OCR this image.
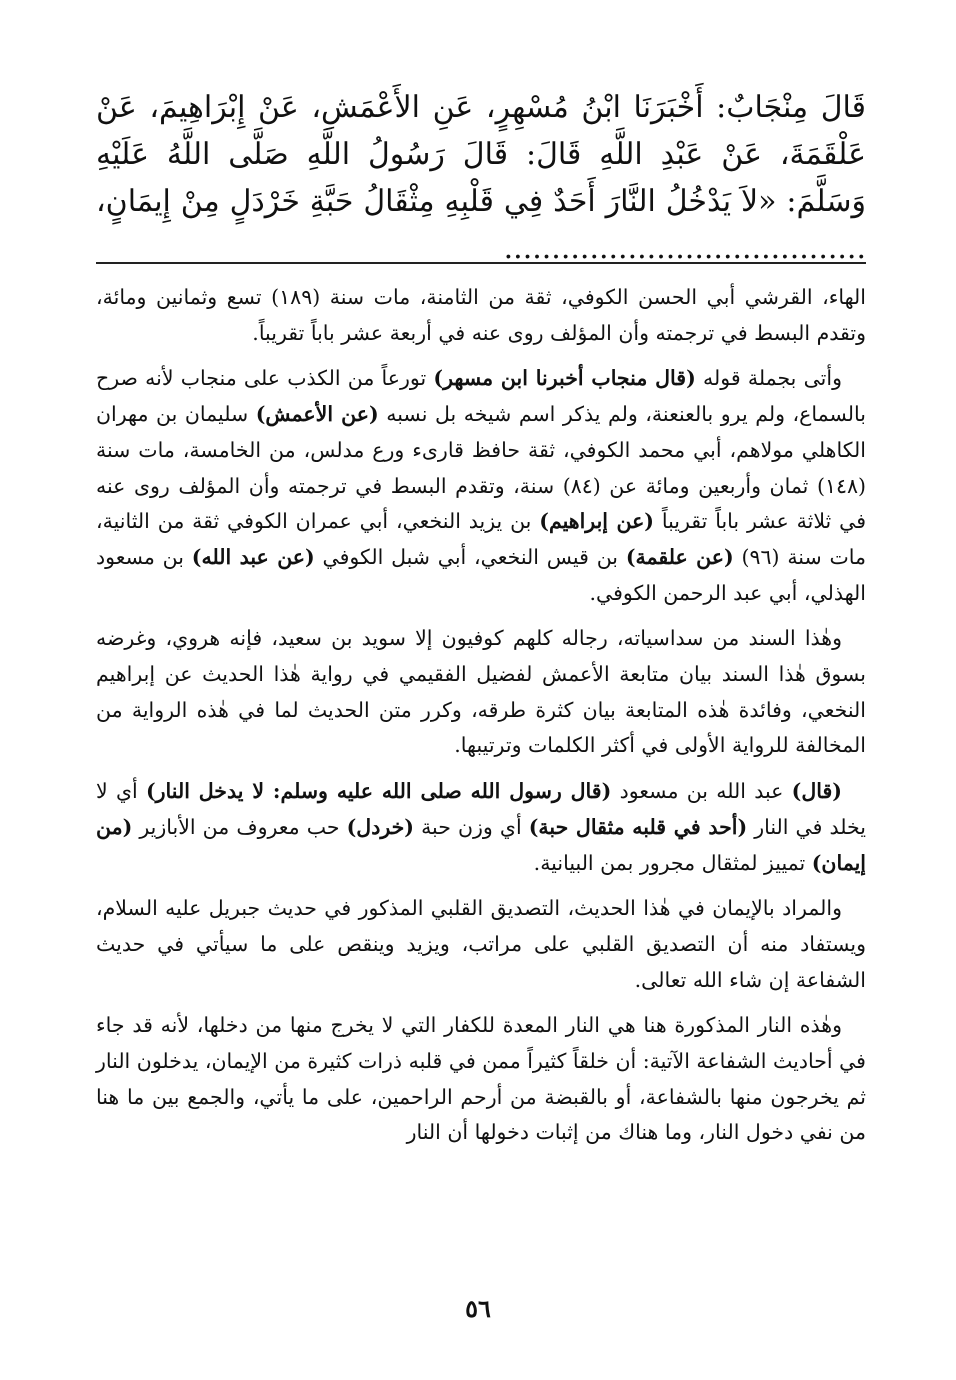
قَالَ مِنْجَابٌ: أَخْبَرَنَا ابْنُ مُسْهِرٍ، عَنِ الأَعْمَشِ، عَنْ إِبْرَاهِيمَ، عَنْ عَلْقَمَةَ، عَنْ عَبْدِ اللَّهِ قَالَ: قَالَ رَسُولُ اللَّهِ صَلَّى اللَّهُ عَلَيْهِ وَسَلَّمَ: «لاَ يَدْخُلُ النَّارَ أَحَدٌ فِي قَلْبِهِ مِثْقَالُ حَبَّةِ خَرْدَلٍ مِنْ إِيمَانٍ، ......................................

الهاء، القرشي أبي الحسن الكوفي، ثقة من الثامنة، مات سنة (١٨٩) تسع وثمانين ومائة، وتقدم البسط في ترجمته وأن المؤلف روى عنه في أربعة عشر باباً تقريباً.

وأتى بجملة قوله (قال منجاب أخبرنا ابن مسهر) تورعاً من الكذب على منجاب لأنه صرح بالسماع، ولم يرو بالعنعنة، ولم يذكر اسم شيخه بل نسبه (عن الأعمش) سليمان بن مهران الكاهلي مولاهم، أبي محمد الكوفي، ثقة حافظ قارىء ورع مدلس، من الخامسة، مات سنة (١٤٨) ثمان وأربعين ومائة عن (٨٤) سنة، وتقدم البسط في ترجمته وأن المؤلف روى عنه في ثلاثة عشر باباً تقريباً (عن إبراهيم) بن يزيد النخعي، أبي عمران الكوفي ثقة من الثانية، مات سنة (٩٦) (عن علقمة) بن قيس النخعي، أبي شبل الكوفي (عن عبد الله) بن مسعود الهذلي، أبي عبد الرحمن الكوفي.

وهٰذا السند من سداسياته، رجاله كلهم كوفيون إلا سويد بن سعيد، فإنه هروي، وغرضه بسوق هٰذا السند بيان متابعة الأعمش لفضيل الفقيمي في رواية هٰذا الحديث عن إبراهيم النخعي، وفائدة هٰذه المتابعة بيان كثرة طرقه، وكرر متن الحديث لما في هٰذه الرواية من المخالفة للرواية الأولى في أكثر الكلمات وترتيبها.

(قال) عبد الله بن مسعود (قال رسول الله صلى الله عليه وسلم: لا يدخل النار) أي لا يخلد في النار (أحد في قلبه مثقال حبة) أي وزن حبة (خردل) حب معروف من الأبازير (من إيمان) تمييز لمثقال مجرور بمن البيانية.

والمراد بالإيمان في هٰذا الحديث، التصديق القلبي المذكور في حديث جبريل عليه السلام، ويستفاد منه أن التصديق القلبي على مراتب، ويزيد وينقص على ما سيأتي في حديث الشفاعة إن شاء الله تعالى.

وهٰذه النار المذكورة هنا هي النار المعدة للكفار التي لا يخرج منها من دخلها، لأنه قد جاء في أحاديث الشفاعة الآتية: أن خلقاً كثيراً ممن في قلبه ذرات كثيرة من الإيمان، يدخلون النار ثم يخرجون منها بالشفاعة، أو بالقبضة من أرحم الراحمين، على ما يأتي، والجمع بين ما هنا من نفي دخول النار، وما هناك من إثبات دخولها أن النار

٥٦
